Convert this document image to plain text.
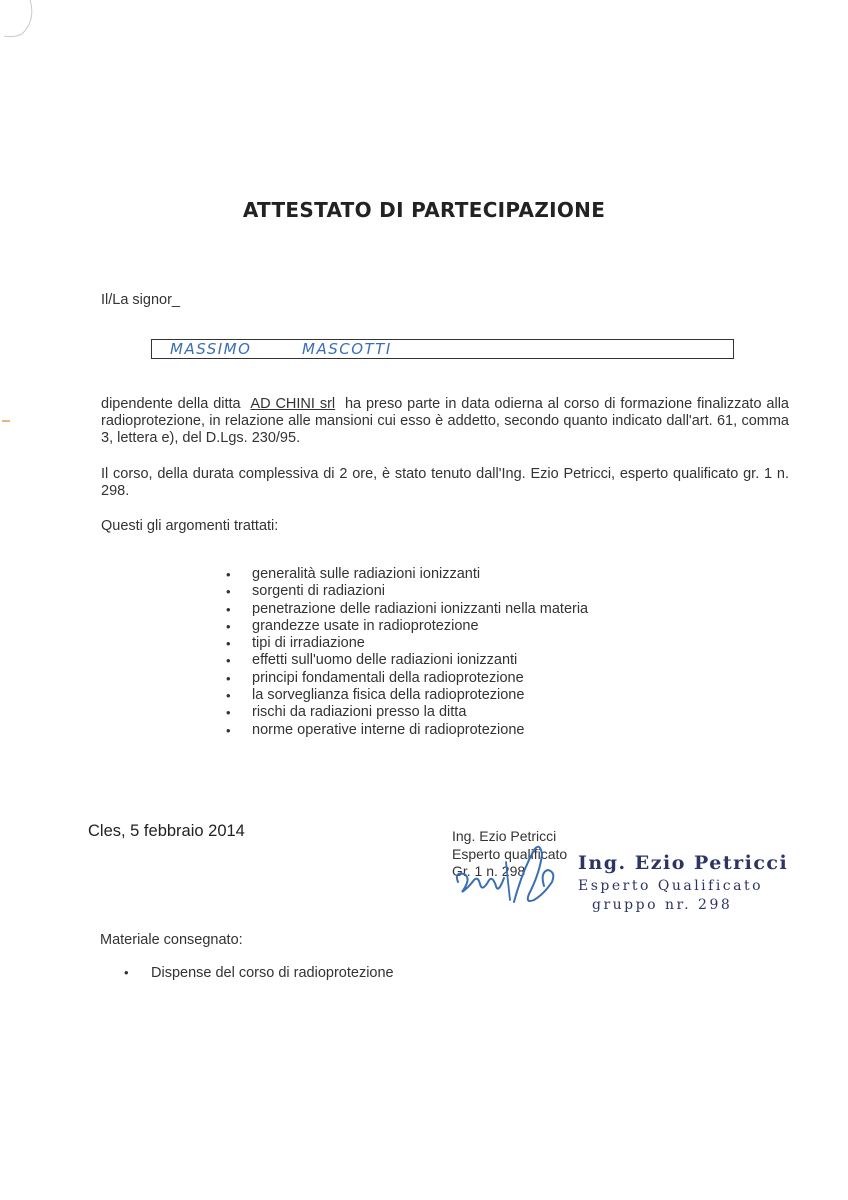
ATTESTATO DI PARTECIPAZIONE
Il/La signor_
MASSIMO	MASCOTTI
dipendente della ditta AD CHINI srl ha preso parte in data odierna al corso di formazione finalizzato alla radioprotezione, in relazione alle mansioni cui esso è addetto, secondo quanto indicato dall'art. 61, comma 3, lettera e), del D.Lgs. 230/95.
Il corso, della durata complessiva di 2 ore, è stato tenuto dall'Ing. Ezio Petricci, esperto qualificato gr. 1 n. 298.
Questi gli argomenti trattati:
• generalità sulle radiazioni ionizzanti
• sorgenti di radiazioni
• penetrazione delle radiazioni ionizzanti nella materia
• grandezze usate in radioprotezione
• tipi di irradiazione
• effetti sull'uomo delle radiazioni ionizzanti
• principi fondamentali della radioprotezione
• la sorveglianza fisica della radioprotezione
• rischi da radiazioni presso la ditta
• norme operative interne di radioprotezione
Cles, 5 febbraio 2014	Ing. Ezio Petricci
Esperto qualificato
Gr. 1 n. 298	Ing. Ezio Petricci
Esperto Qualificato
gruppo nr. 298
Materiale consegnato:
• Dispense del corso di radioprotezione
